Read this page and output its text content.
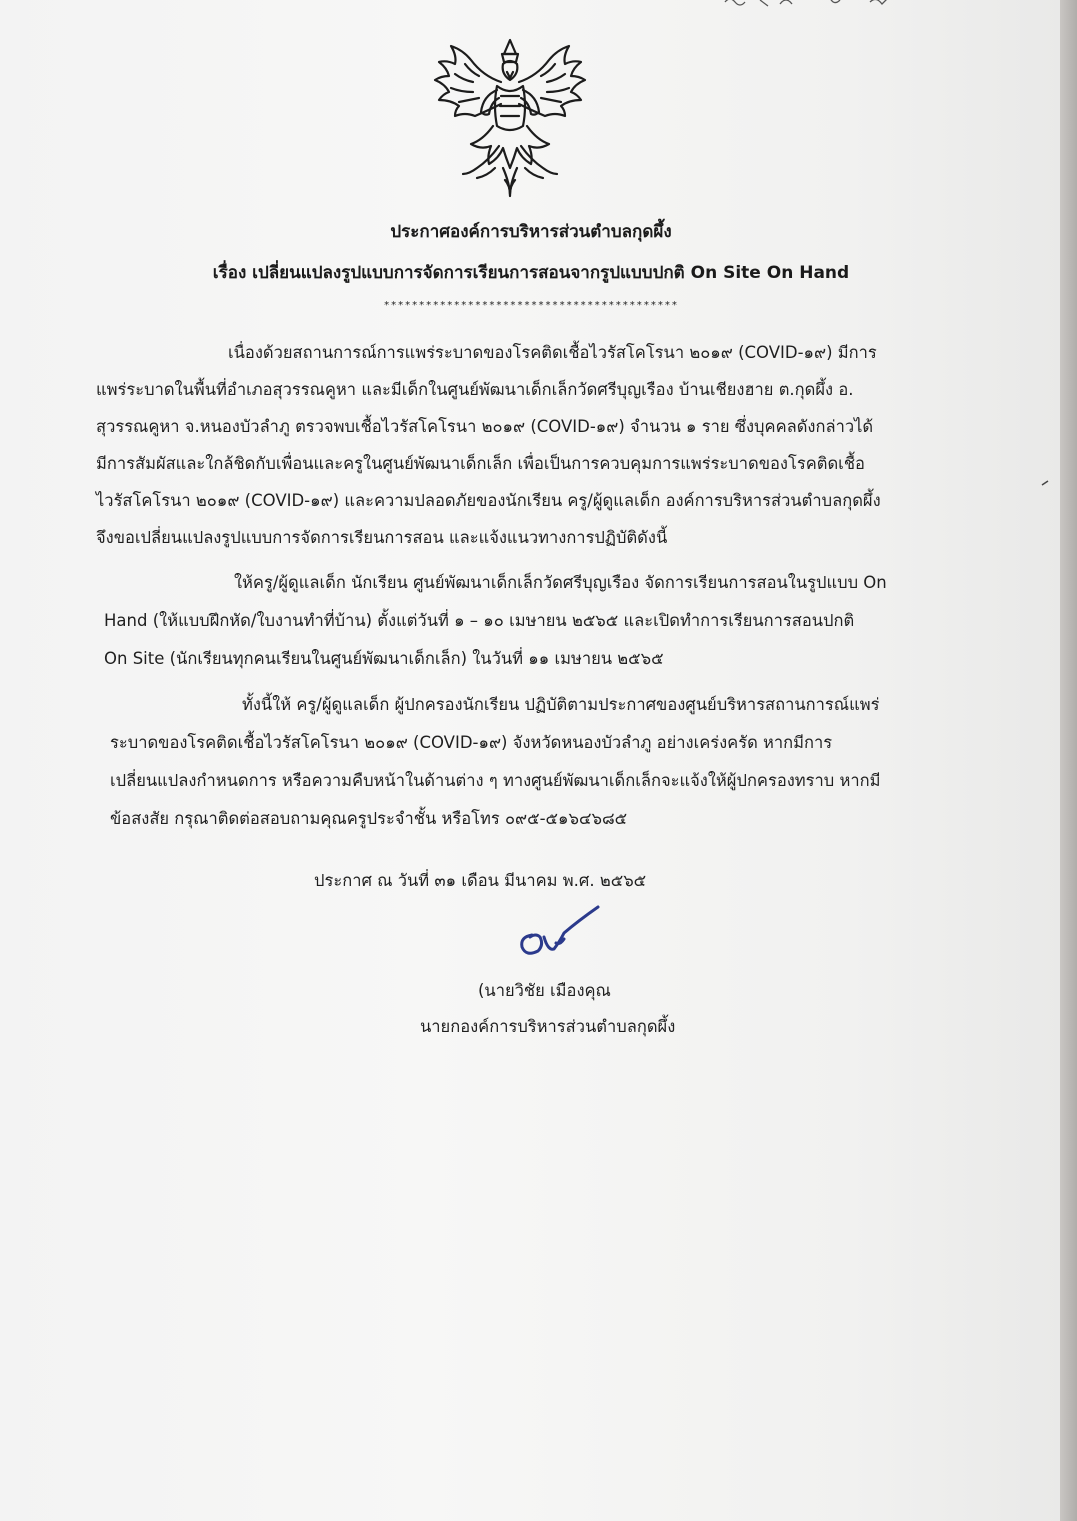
ประกาศองค์การบริหารส่วนตำบลกุดผึ้ง
เรื่อง เปลี่ยนแปลงรูปแบบการจัดการเรียนการสอนจากรูปแบบปกติ On Site On Hand
******************************************
เนื่องด้วยสถานการณ์การแพร่ระบาดของโรคติดเชื้อไวรัสโคโรนา ๒๐๑๙ (COVID-๑๙) มีการ
แพร่ระบาดในพื้นที่อำเภอสุวรรณคูหา และมีเด็กในศูนย์พัฒนาเด็กเล็กวัดศรีบุญเรือง บ้านเชียงฮาย ต.กุดผึ้ง อ.
สุวรรณคูหา จ.หนองบัวลำภู ตรวจพบเชื้อไวรัสโคโรนา ๒๐๑๙ (COVID-๑๙) จำนวน ๑ ราย ซึ่งบุคคลดังกล่าวได้
มีการสัมผัสและใกล้ชิดกับเพื่อนและครูในศูนย์พัฒนาเด็กเล็ก เพื่อเป็นการควบคุมการแพร่ระบาดของโรคติดเชื้อ
ไวรัสโคโรนา ๒๐๑๙ (COVID-๑๙) และความปลอดภัยของนักเรียน ครู/ผู้ดูแลเด็ก องค์การบริหารส่วนตำบลกุดผึ้ง
จึงขอเปลี่ยนแปลงรูปแบบการจัดการเรียนการสอน และแจ้งแนวทางการปฏิบัติดังนี้
ให้ครู/ผู้ดูแลเด็ก นักเรียน ศูนย์พัฒนาเด็กเล็กวัดศรีบุญเรือง จัดการเรียนการสอนในรูปแบบ On
Hand (ให้แบบฝึกหัด/ใบงานทำที่บ้าน) ตั้งแต่วันที่ ๑ – ๑๐ เมษายน ๒๕๖๕ และเปิดทำการเรียนการสอนปกติ
On Site (นักเรียนทุกคนเรียนในศูนย์พัฒนาเด็กเล็ก) ในวันที่ ๑๑ เมษายน ๒๕๖๕
ทั้งนี้ให้ ครู/ผู้ดูแลเด็ก ผู้ปกครองนักเรียน ปฏิบัติตามประกาศของศูนย์บริหารสถานการณ์แพร่
ระบาดของโรคติดเชื้อไวรัสโคโรนา ๒๐๑๙ (COVID-๑๙) จังหวัดหนองบัวลำภู อย่างเคร่งครัด หากมีการ
เปลี่ยนแปลงกำหนดการ หรือความคืบหน้าในด้านต่าง ๆ ทางศูนย์พัฒนาเด็กเล็กจะแจ้งให้ผู้ปกครองทราบ หากมี
ข้อสงสัย กรุณาติดต่อสอบถามคุณครูประจำชั้น หรือโทร ๐๙๕-๕๑๖๔๖๘๕
ประกาศ ณ วันที่ ๓๑ เดือน มีนาคม พ.ศ. ๒๕๖๕
(นายวิชัย เมืองคุณ
นายกองค์การบริหารส่วนตำบลกุดผึ้ง
